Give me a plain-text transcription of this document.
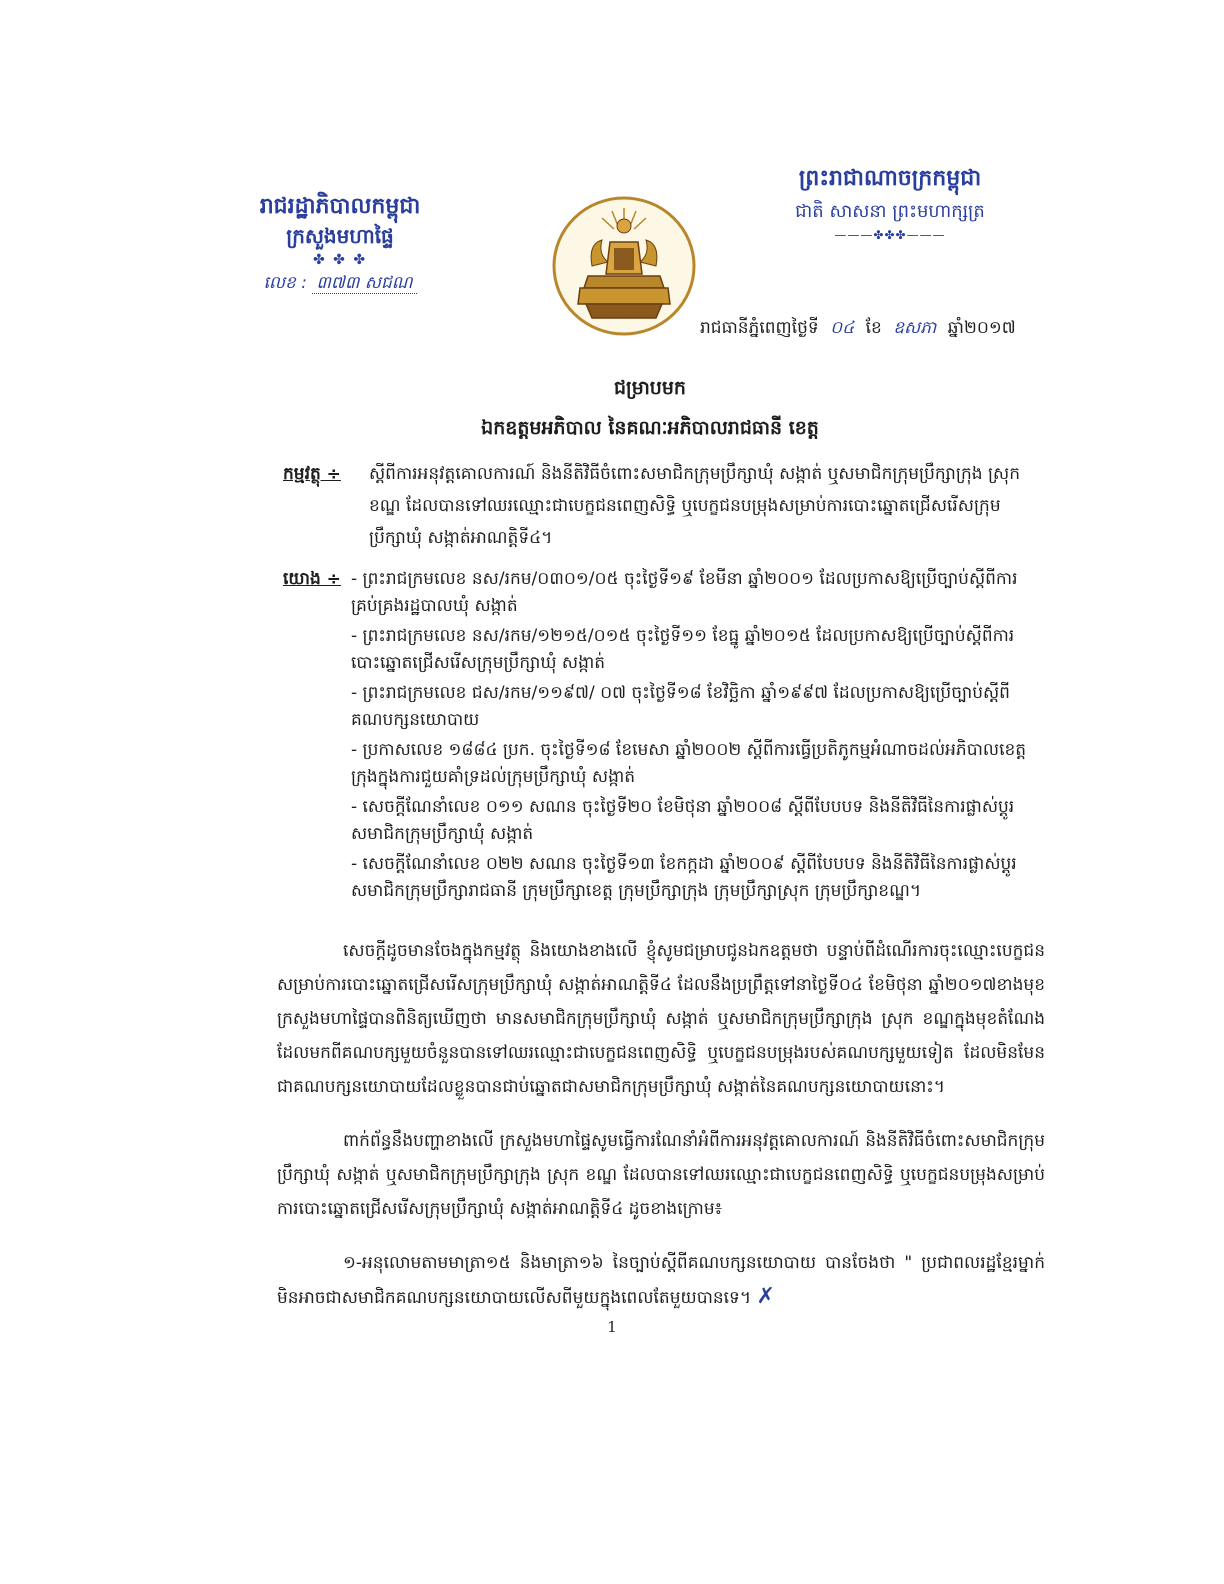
រាជរដ្ឋាភិបាលកម្ពុជា
ក្រសួងមហាផ្ទៃ
✤ ✤ ✤
លេខ : ៣៧៣ សជណ
ព្រះរាជាណាចក្រកម្ពុជា
ជាតិ សាសនា ព្រះមហាក្សត្រ
———✤✤✤———
រាជធានីភ្នំពេញថ្ងៃទី ០៤ ខែ ឧសភា ឆ្នាំ២០១៧
ជម្រាបមក
ឯកឧត្តមអភិបាល នៃគណៈអភិបាលរាជធានី ខេត្ត
កម្មវត្ថុ ÷	ស្តីពីការអនុវត្តគោលការណ៍ និងនីតិវិធីចំពោះសមាជិកក្រុមប្រឹក្សាឃុំ សង្កាត់ ឬសមាជិកក្រុមប្រឹក្សាក្រុង ស្រុក ខណ្ឌ ដែលបានទៅឈរឈ្មោះជាបេក្ខជនពេញសិទ្ធិ ឬបេក្ខជនបម្រុងសម្រាប់ការបោះឆ្នោតជ្រើសរើសក្រុមប្រឹក្សាឃុំ សង្កាត់អាណត្តិទី៤។
យោង ÷ - ព្រះរាជក្រមលេខ នស/រកម/០៣០១/០៥ ចុះថ្ងៃទី១៩ ខែមីនា ឆ្នាំ២០០១ ដែលប្រកាសឱ្យប្រើច្បាប់ស្តីពីការគ្រប់គ្រងរដ្ឋបាលឃុំ សង្កាត់
- ព្រះរាជក្រមលេខ នស/រកម/១២១៥/០១៥ ចុះថ្ងៃទី១១ ខែធ្នូ ឆ្នាំ២០១៥ ដែលប្រកាសឱ្យប្រើច្បាប់ស្តីពីការបោះឆ្នោតជ្រើសរើសក្រុមប្រឹក្សាឃុំ សង្កាត់
- ព្រះរាជក្រមលេខ ជស/រកម/១១៩៧/ ០៧ ចុះថ្ងៃទី១៨ ខែវិច្ឆិកា ឆ្នាំ១៩៩៧ ដែលប្រកាសឱ្យប្រើច្បាប់ស្តីពីគណបក្សនយោបាយ
- ប្រកាសលេខ ១៨៨៤ ប្រក. ចុះថ្ងៃទី១៨ ខែមេសា ឆ្នាំ២០០២ ស្តីពីការធ្វើប្រតិភូកម្មអំណាចដល់អភិបាលខេត្ត ក្រុងក្នុងការជួយគាំទ្រដល់ក្រុមប្រឹក្សាឃុំ សង្កាត់
- សេចក្តីណែនាំលេខ ០១១ សណន ចុះថ្ងៃទី២០ ខែមិថុនា ឆ្នាំ២០០៨ ស្តីពីបែបបទ និងនីតិវិធីនៃការផ្លាស់ប្តូរសមាជិកក្រុមប្រឹក្សាឃុំ សង្កាត់
- សេចក្តីណែនាំលេខ ០២២ សណន ចុះថ្ងៃទី១៣ ខែកក្កដា ឆ្នាំ២០០៩ ស្តីពីបែបបទ និងនីតិវិធីនៃការផ្លាស់ប្តូរសមាជិកក្រុមប្រឹក្សារាជធានី ក្រុមប្រឹក្សាខេត្ត ក្រុមប្រឹក្សាក្រុង ក្រុមប្រឹក្សាស្រុក ក្រុមប្រឹក្សាខណ្ឌ។
សេចក្តីដូចមានចែងក្នុងកម្មវត្ថុ និងយោងខាងលើ ខ្ញុំសូមជម្រាបជូនឯកឧត្តមថា បន្ទាប់ពីដំណើរការចុះឈ្មោះបេក្ខជនសម្រាប់ការបោះឆ្នោតជ្រើសរើសក្រុមប្រឹក្សាឃុំ សង្កាត់អាណត្តិទី៤ ដែលនឹងប្រព្រឹត្តទៅនាថ្ងៃទី០៤ ខែមិថុនា ឆ្នាំ២០១៧ខាងមុខ ក្រសួងមហាផ្ទៃបានពិនិត្យឃើញថា មានសមាជិកក្រុមប្រឹក្សាឃុំ សង្កាត់ ឬសមាជិកក្រុមប្រឹក្សាក្រុង ស្រុក ខណ្ឌក្នុងមុខតំណែងដែលមកពីគណបក្សមួយចំនួនបានទៅឈរឈ្មោះជាបេក្ខជនពេញសិទ្ធិ ឬបេក្ខជនបម្រុងរបស់គណបក្សមួយទៀត ដែលមិនមែនជាគណបក្សនយោបាយដែលខ្លួនបានជាប់ឆ្នោតជាសមាជិកក្រុមប្រឹក្សាឃុំ សង្កាត់នៃគណបក្សនយោបាយនោះ។
ពាក់ព័ន្ធនឹងបញ្ហាខាងលើ ក្រសួងមហាផ្ទៃសូមធ្វើការណែនាំអំពីការអនុវត្តគោលការណ៍ និងនីតិវិធីចំពោះសមាជិកក្រុមប្រឹក្សាឃុំ សង្កាត់ ឬសមាជិកក្រុមប្រឹក្សាក្រុង ស្រុក ខណ្ឌ ដែលបានទៅឈរឈ្មោះជាបេក្ខជនពេញសិទ្ធិ ឬបេក្ខជនបម្រុងសម្រាប់ការបោះឆ្នោតជ្រើសរើសក្រុមប្រឹក្សាឃុំ សង្កាត់អាណត្តិទី៤ ដូចខាងក្រោម៖
១-អនុលោមតាមមាត្រា១៥ និងមាត្រា១៦ នៃច្បាប់ស្តីពីគណបក្សនយោបាយ បានចែងថា " ប្រជាពលរដ្ឋខ្មែរម្នាក់ មិនអាចជាសមាជិកគណបក្សនយោបាយលើសពីមួយក្នុងពេលតែមួយបានទេ។ ✗
1
